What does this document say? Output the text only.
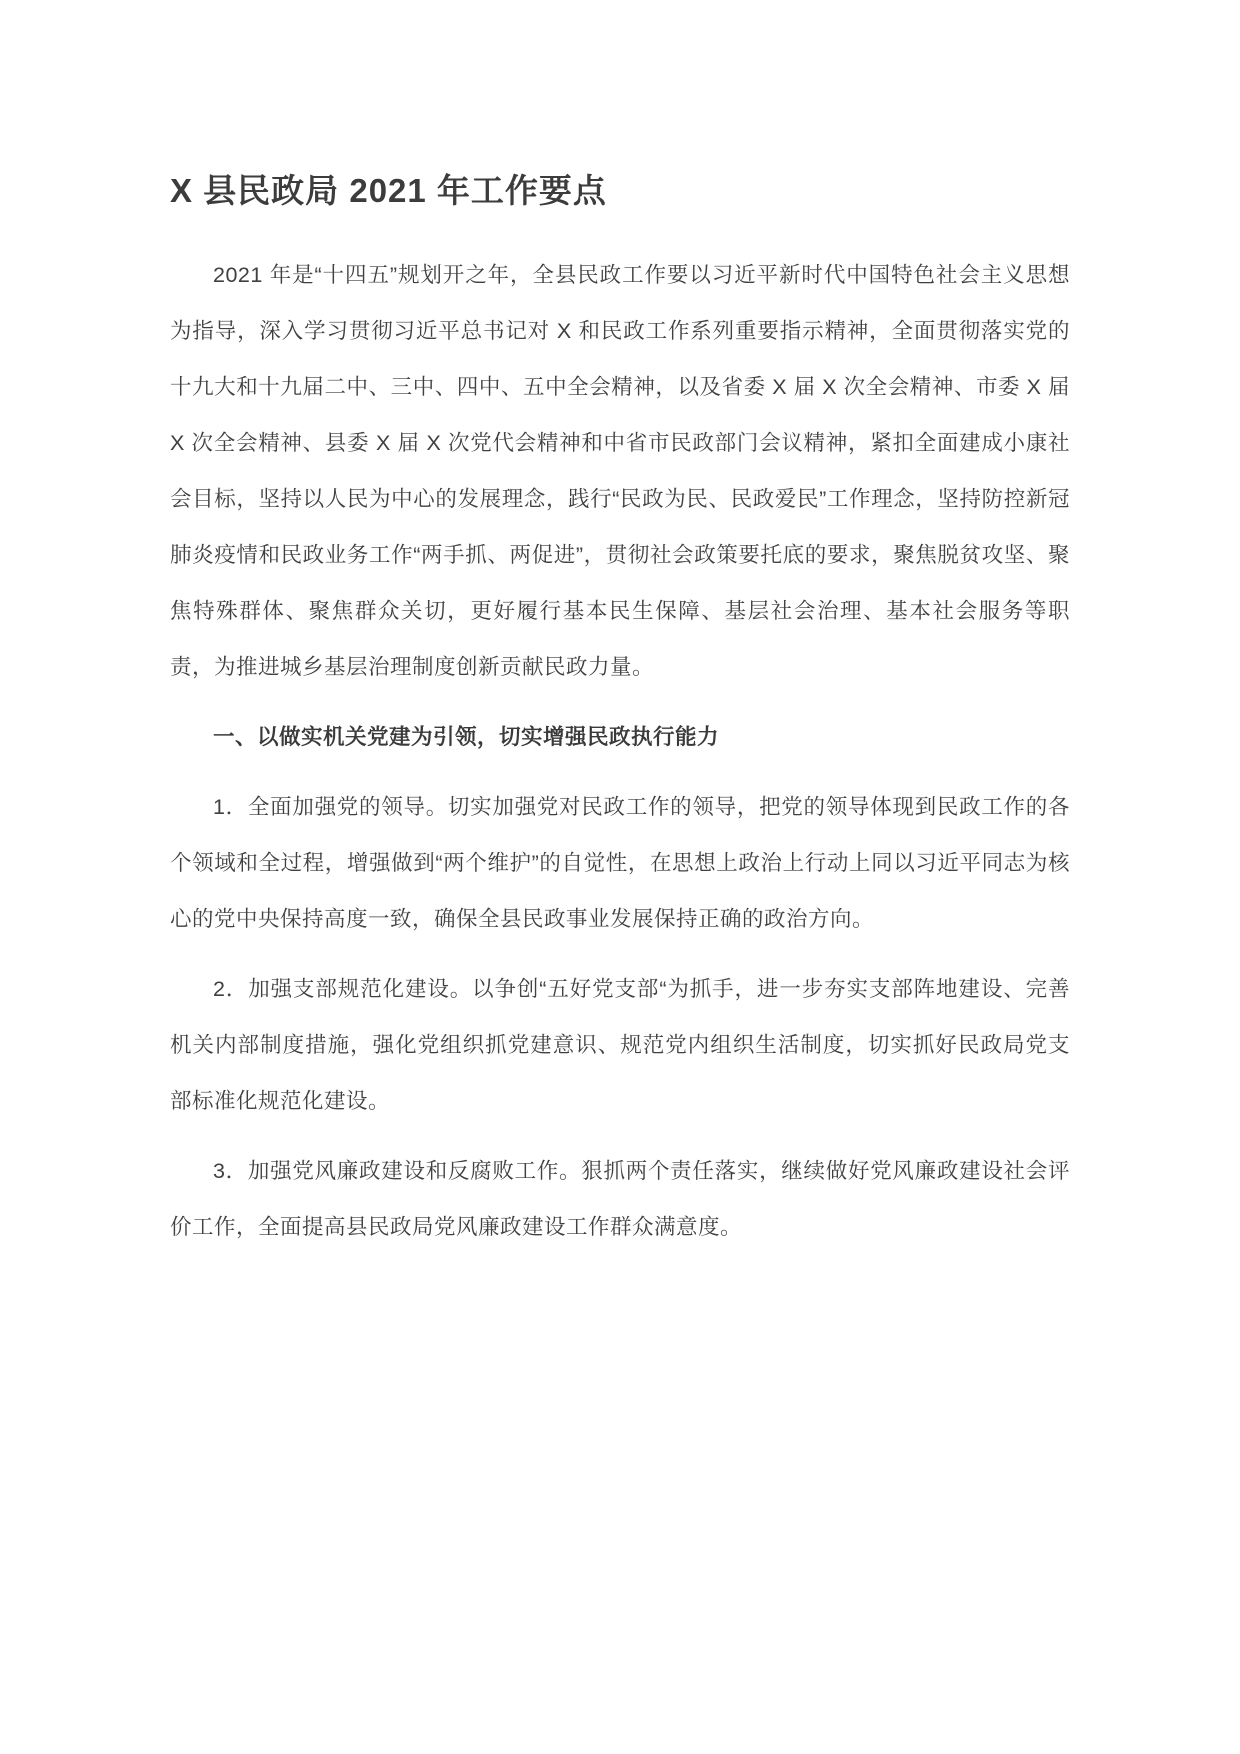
X 县民政局 2021 年工作要点

2021 年是“十四五”规划开之年，全县民政工作要以习近平新时代中国特色社会主义思想为指导，深入学习贯彻习近平总书记对 X 和民政工作系列重要指示精神，全面贯彻落实党的十九大和十九届二中、三中、四中、五中全会精神，以及省委 X 届 X 次全会精神、市委 X 届 X 次全会精神、县委 X 届 X 次党代会精神和中省市民政部门会议精神，紧扣全面建成小康社会目标，坚持以人民为中心的发展理念，践行“民政为民、民政爱民”工作理念，坚持防控新冠肺炎疫情和民政业务工作“两手抓、两促进”，贯彻社会政策要托底的要求，聚焦脱贫攻坚、聚焦特殊群体、聚焦群众关切，更好履行基本民生保障、基层社会治理、基本社会服务等职责，为推进城乡基层治理制度创新贡献民政力量。

一、以做实机关党建为引领，切实增强民政执行能力

1．全面加强党的领导。切实加强党对民政工作的领导，把党的领导体现到民政工作的各个领域和全过程，增强做到“两个维护”的自觉性，在思想上政治上行动上同以习近平同志为核心的党中央保持高度一致，确保全县民政事业发展保持正确的政治方向。

2．加强支部规范化建设。以争创“五好党支部“为抓手，进一步夯实支部阵地建设、完善机关内部制度措施，强化党组织抓党建意识、规范党内组织生活制度，切实抓好民政局党支部标准化规范化建设。

3．加强党风廉政建设和反腐败工作。狠抓两个责任落实，继续做好党风廉政建设社会评价工作，全面提高县民政局党风廉政建设工作群众满意度。
